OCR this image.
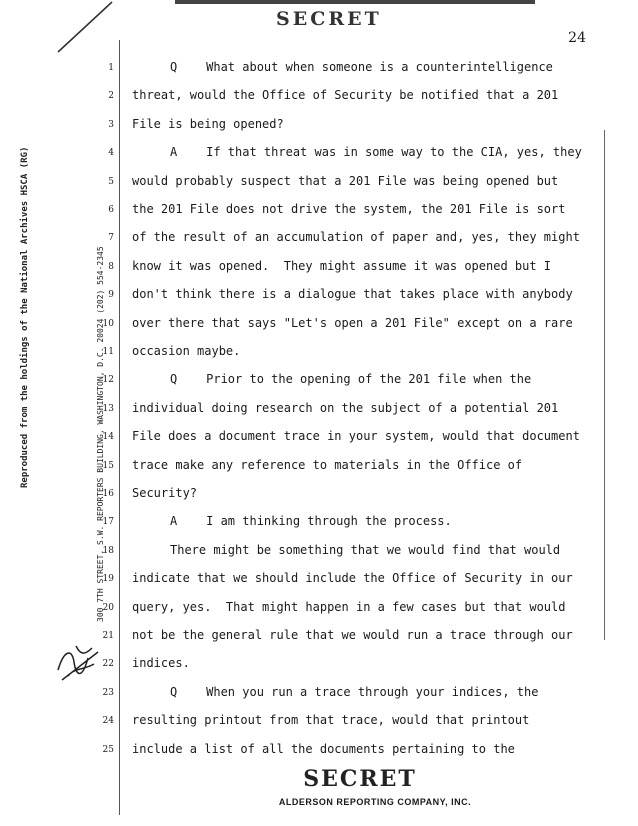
SECRET
24
Reproduced from the holdings of the National Archives HSCA (RG)	300 7TH STREET, S.W. REPORTERS BUILDING, WASHINGTON, D.C. 20024 (202) 554-2345
1	Q    What about when someone is a counterintelligence
2 threat, would the Office of Security be notified that a 201
3 File is being opened?
4	A    If that threat was in some way to the CIA, yes, they
5 would probably suspect that a 201 File was being opened but
6 the 201 File does not drive the system, the 201 File is sort
7 of the result of an accumulation of paper and, yes, they might
8 know it was opened.  They might assume it was opened but I
9 don't think there is a dialogue that takes place with anybody
10 over there that says "Let's open a 201 File" except on a rare
11 occasion maybe.
12	Q    Prior to the opening of the 201 file when the
13 individual doing research on the subject of a potential 201
14 File does a document trace in your system, would that document
15 trace make any reference to materials in the Office of
16 Security?
17	A    I am thinking through the process.
18	There might be something that we would find that would
19 indicate that we should include the Office of Security in our
20 query, yes.  That might happen in a few cases but that would
21 not be the general rule that we would run a trace through our
22 indices.
23	Q    When you run a trace through your indices, the
24 resulting printout from that trace, would that printout
25 include a list of all the documents pertaining to the
SECRET
ALDERSON REPORTING COMPANY, INC.
